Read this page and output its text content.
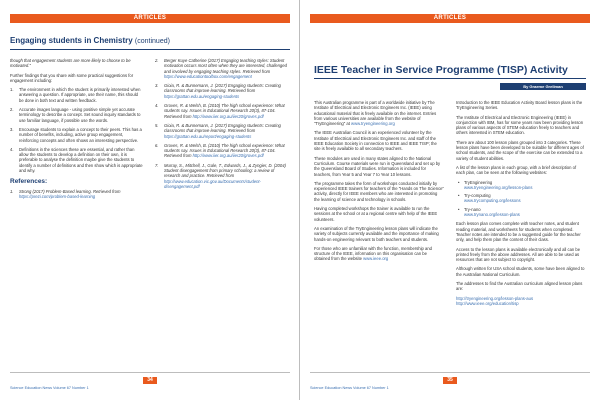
ARTICLES
Engaging students in Chemistry (continued)

though that engagement students are more likely to choose to be motivated."

Further findings that you share with some practical suggestions for engagement including:

1. The environment in which the student is primarily interested when answering a question. If appropriate, use their name, this should be done in both text and written feedback.
2. Accurate images language - using positive simple yet accurate terminology to describe a concept. Set sound inquiry standards to use familiar language, if possible use the words.
3. Encourage students to explain a concept to their peers. This has a number of benefits, including, active group engagement, reinforcing concepts and often shows an interesting perspective.
4. Definitions in the sciences these are essential, and rather than allow the students to develop a definition on their own, it is preferable to analyse the definition maybe give the students to identify a number of definitions and then show which is appropriate and why.
References:
1. Strong (2017) Problem-Based learning. Retrieved from https://prezi.com/problem-based-learning
2. Berger Kuye Catherine (2017) Engaging teaching styles: Student motivation occurs most often when they are interested, challenged and involved by engaging teaching styles. Retrieved from https://www.educationtoolbox.com/engagement
3. Gioia, R. & Bunnemann, J. (2017) Engaging students: Creating classrooms that improve learning. Retrieved from https://grattan.edu.au/engaging-students
4. Groves, R. & Welsh, B. (2010) The high school experience: What students say. Issues in Educational Research 20(3), 87-104. Retrieved from http://www.iier.org.au/iier20/groves.pdf
5. Gioia, R. & Bunnemann, J. (2017) Engaging students: Creating classrooms that improve learning. Retrieved from https://grattan.edu.au/report/engaging-students
6. Groves, R. & Welsh, B. (2010) The high school experience: What students say. Issues in Educational Research 20(3), 87-104. Retrieved from http://www.iier.org.au/iier20/groves.pdf
7. Murray, S., Mitchell, J., Gale, T., Edwards, J., & Zyngier, D. (2004) Student disengagement from primary schooling: a review of research and practice. Retrieved from http://www.education.vic.gov.au/Documents/student-disengagement.pdf
34
Science Education News Volume 67 Number 1
ARTICLES
IEEE Teacher in Service Programme (TISP) Activity
By Graeme Grellman

This Australian programme is part of a worldwide initiative by The Institute of Electrical and Electronic Engineers Inc. (IEEE) using educational material that is freely available on the internet. Entries from various universities are available from the website of "TryEngineering" at www.tryengineering.org

The IEEE Australian Council is an experienced volunteer by the Institute of Electrical and Electronic Engineers Inc. and staff of the IEEE Education Society in connection to IEEE and IEEE TISP; the site is freely available to all secondary teachers.

These modules are used in many states aligned to the National Curriculum. Course materials were run in Queensland and set up by the Queensland Board of Studies. Information is included for teachers, from Year 5 and Year 7 to Year 10 lessons.

The programme takes the form of workshops conducted initially by experienced IEEE trainers for teachers of the "Hands on The Science" activity, directly for IEEE members who are interested in promoting the learning of science and technology in schools.

Having completed workshops the trainer is available to run the sessions at the school or at a regional centre with help of the IEEE volunteers.

An examination of the TryEngineering lesson plans will indicate the variety of subjects currently available and the importance of making hands-on engineering relevant to both teachers and students.

For those who are unfamiliar with the function, membership and structure of the IEEE, information on this organisation can be obtained from the website www.ieee.org

Introduction to the IEEE Education Activity Board lesson plans is the TryEngineering Series.

The Institute of Electrical and Electronic Engineering (IEEE) in conjunction with IBM, has for some years now been providing lesson plans of various aspects of STEM education freely to teachers and others interested in STEM education.

There are about 100 lesson plans grouped into 3 categories. These lesson plans have been developed to be suitable for different ages of school students, and the scope of the exercise can be extended to a variety of student abilities.

A list of the lesson plans in each group, with a brief description of each plan, can be seen at the following websites:

• TryEngineering
www.tryengineering.org/lesson-plans
• Try-computing
www.trycomputing.org/lessons
• Try-nano
www.trynano.org/lesson-plans

Each lesson plan comes complete with teacher notes, and student reading material, and worksheets for students when completed. Teacher notes are intended to be a suggested guide for the teacher only, and help them plan the content of their class.

Access to the lesson plans is available electronically and all can be printed freely from the above addresses. All are able to be used as resources that are not subject to copyright.

Although written for USA school students, some have been aligned to the Australian National Curriculum.

The addresses to find the Australian curriculum aligned lesson plans are:

http://tryengineering.org/lesson-plans-aus
http://www.ieee.org/education/tisp

35
Science Education News Volume 67 Number 1
